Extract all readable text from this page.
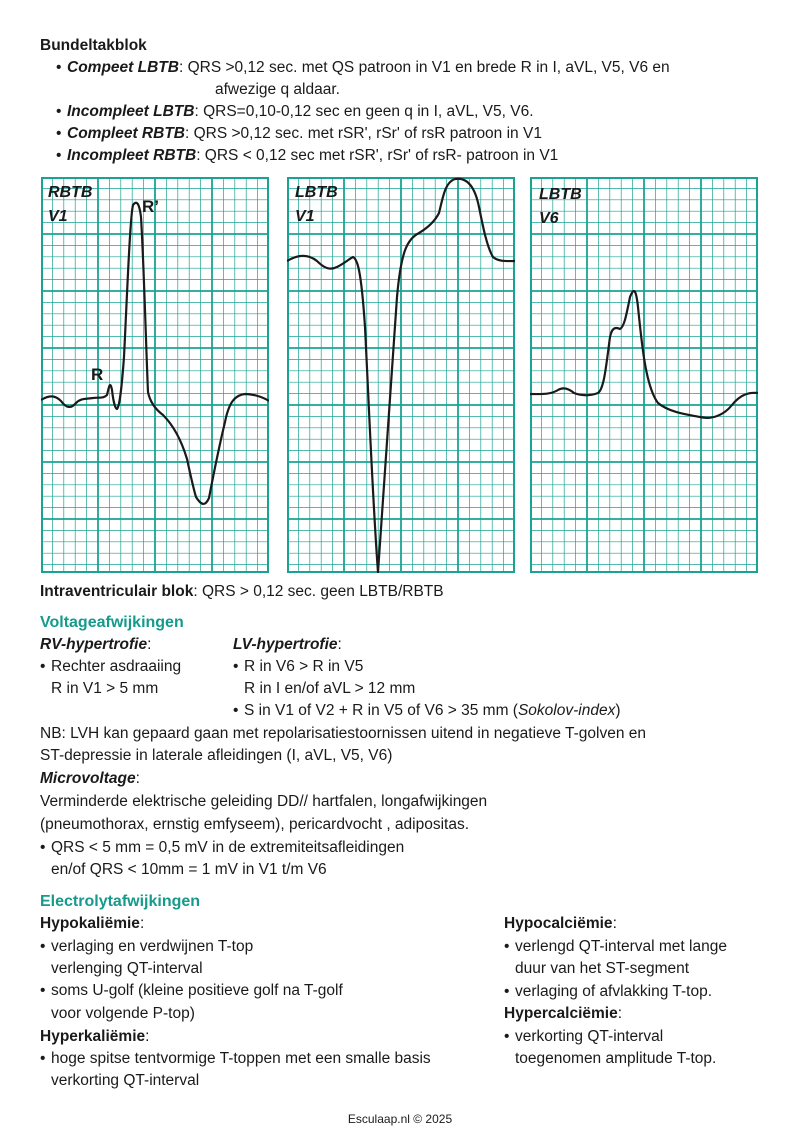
Bundeltakblok
• Compeet LBTB: QRS >0,12 sec. met QS patroon in V1 en brede R in I, aVL, V5, V6 en
afwezige q aldaar.
• Incompleet LBTB: QRS=0,10-0,12 sec en geen q in I, aVL, V5, V6.
• Compleet RBTB: QRS >0,12 sec. met rSR', rSr' of rsR patroon in V1
• Incompleet RBTB: QRS < 0,12 sec met rSR', rSr' of rsR- patroon in V1
RBTB
V1
R’
R
LBTB
V1
LBTB
V6
Intraventriculair blok: QRS > 0,12 sec. geen LBTB/RBTB
Voltageafwijkingen
RV-hypertrofie:
• Rechter asdraaiing
R in V1 > 5 mm
LV-hypertrofie:
• R in V6 > R in V5
R in I en/of aVL > 12 mm
• S in V1 of V2 + R in V5 of V6 > 35 mm (Sokolov-index)
NB: LVH kan gepaard gaan met repolarisatiestoornissen uitend in negatieve T-golven en
ST-depressie in laterale afleidingen (I, aVL, V5, V6)
Microvoltage:
Verminderde elektrische geleiding DD// hartfalen, longafwijkingen
(pneumothorax, ernstig emfyseem), pericardvocht , adipositas.
• QRS < 5 mm = 0,5 mV in de extremiteitsafleidingen
en/of QRS < 10mm = 1 mV in V1 t/m V6
Electrolytafwijkingen
Hypokaliëmie:
• verlaging en verdwijnen T-top
verlenging QT-interval
• soms U-golf (kleine positieve golf na T-golf
voor volgende P-top)
Hyperkaliëmie:
• hoge spitse tentvormige T-toppen met een smalle basis
verkorting QT-interval
Hypocalciëmie:
• verlengd QT-interval met lange
duur van het ST-segment
• verlaging of afvlakking T-top.
Hypercalciëmie:
• verkorting QT-interval
toegenomen amplitude T-top.
Esculaap.nl © 2025
